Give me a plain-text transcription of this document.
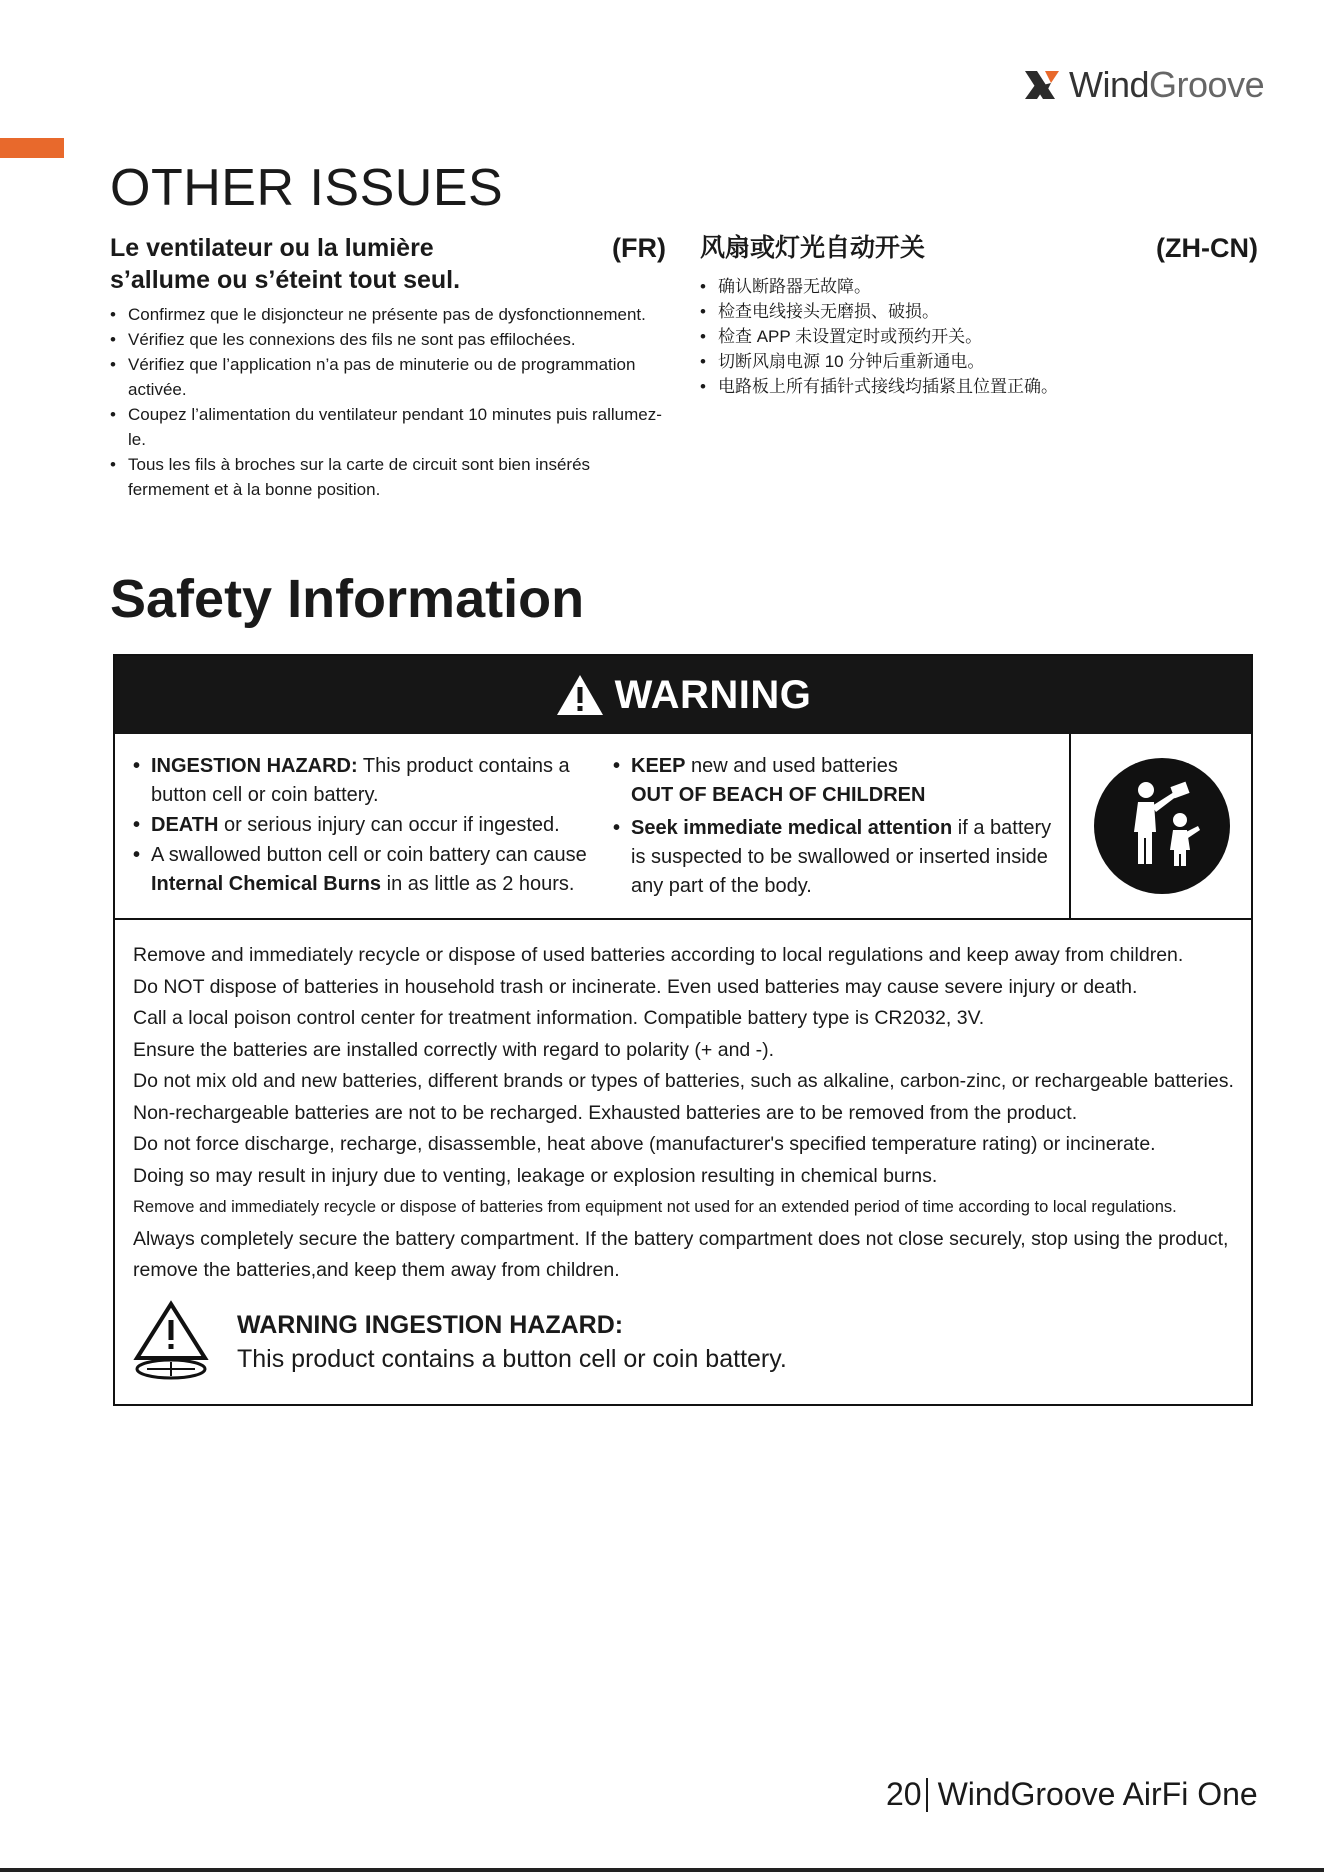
WindGroove
OTHER ISSUES
Le ventilateur ou la lumière s’allume ou s’éteint tout seul.
(FR)
• Confirmez que le disjoncteur ne présente pas de dysfonctionnement.
• Vérifiez que les connexions des fils ne sont pas effilochées.
• Vérifiez que l’application n’a pas de minuterie ou de programmation activée.
• Coupez l’alimentation du ventilateur pendant 10 minutes puis rallumez-le.
• Tous les fils à broches sur la carte de circuit sont bien insérés fermement et à la bonne position.
风扇或灯光自动开关	(ZH-CN)
• 确认断路器无故障。
• 检查电线接头无磨损、破损。
• 检查 APP 未设置定时或预约开关。
• 切断风扇电源 10 分钟后重新通电。
• 电路板上所有插针式接线均插紧且位置正确。
Safety Information
WARNING
• INGESTION HAZARD: This product contains a button cell or coin battery.
• DEATH or serious injury can occur if ingested.
• A swallowed button cell or coin battery can cause
Internal Chemical Burns in as little as 2 hours.
• KEEP new and used batteries
OUT OF BEACH OF CHILDREN
• Seek immediate medical attention if a battery is suspected to be swallowed or inserted inside any part of the body.

Remove and immediately recycle or dispose of used batteries according to local regulations and keep away from children.

Do NOT dispose of batteries in household trash or incinerate. Even used batteries may cause severe injury or death.

Call a local poison control center for treatment information. Compatible battery type is CR2032, 3V.

Ensure the batteries are installed correctly with regard to polarity (+ and -).

Do not mix old and new batteries, different brands or types of batteries, such as alkaline, carbon-zinc, or rechargeable batteries.

Non-rechargeable batteries are not to be recharged. Exhausted batteries are to be removed from the product.

Do not force discharge, recharge, disassemble, heat above (manufacturer's specified temperature rating) or incinerate.

Doing so may result in injury due to venting, leakage or explosion resulting in chemical burns.

Remove and immediately recycle or dispose of batteries from equipment not used for an extended period of time according to local regulations.

Always completely secure the battery compartment. If the battery compartment does not close securely, stop using the product,

remove the batteries,and keep them away from children.

WARNING INGESTION HAZARD:
This product contains a button cell or coin battery.
20 WindGroove AirFi One
